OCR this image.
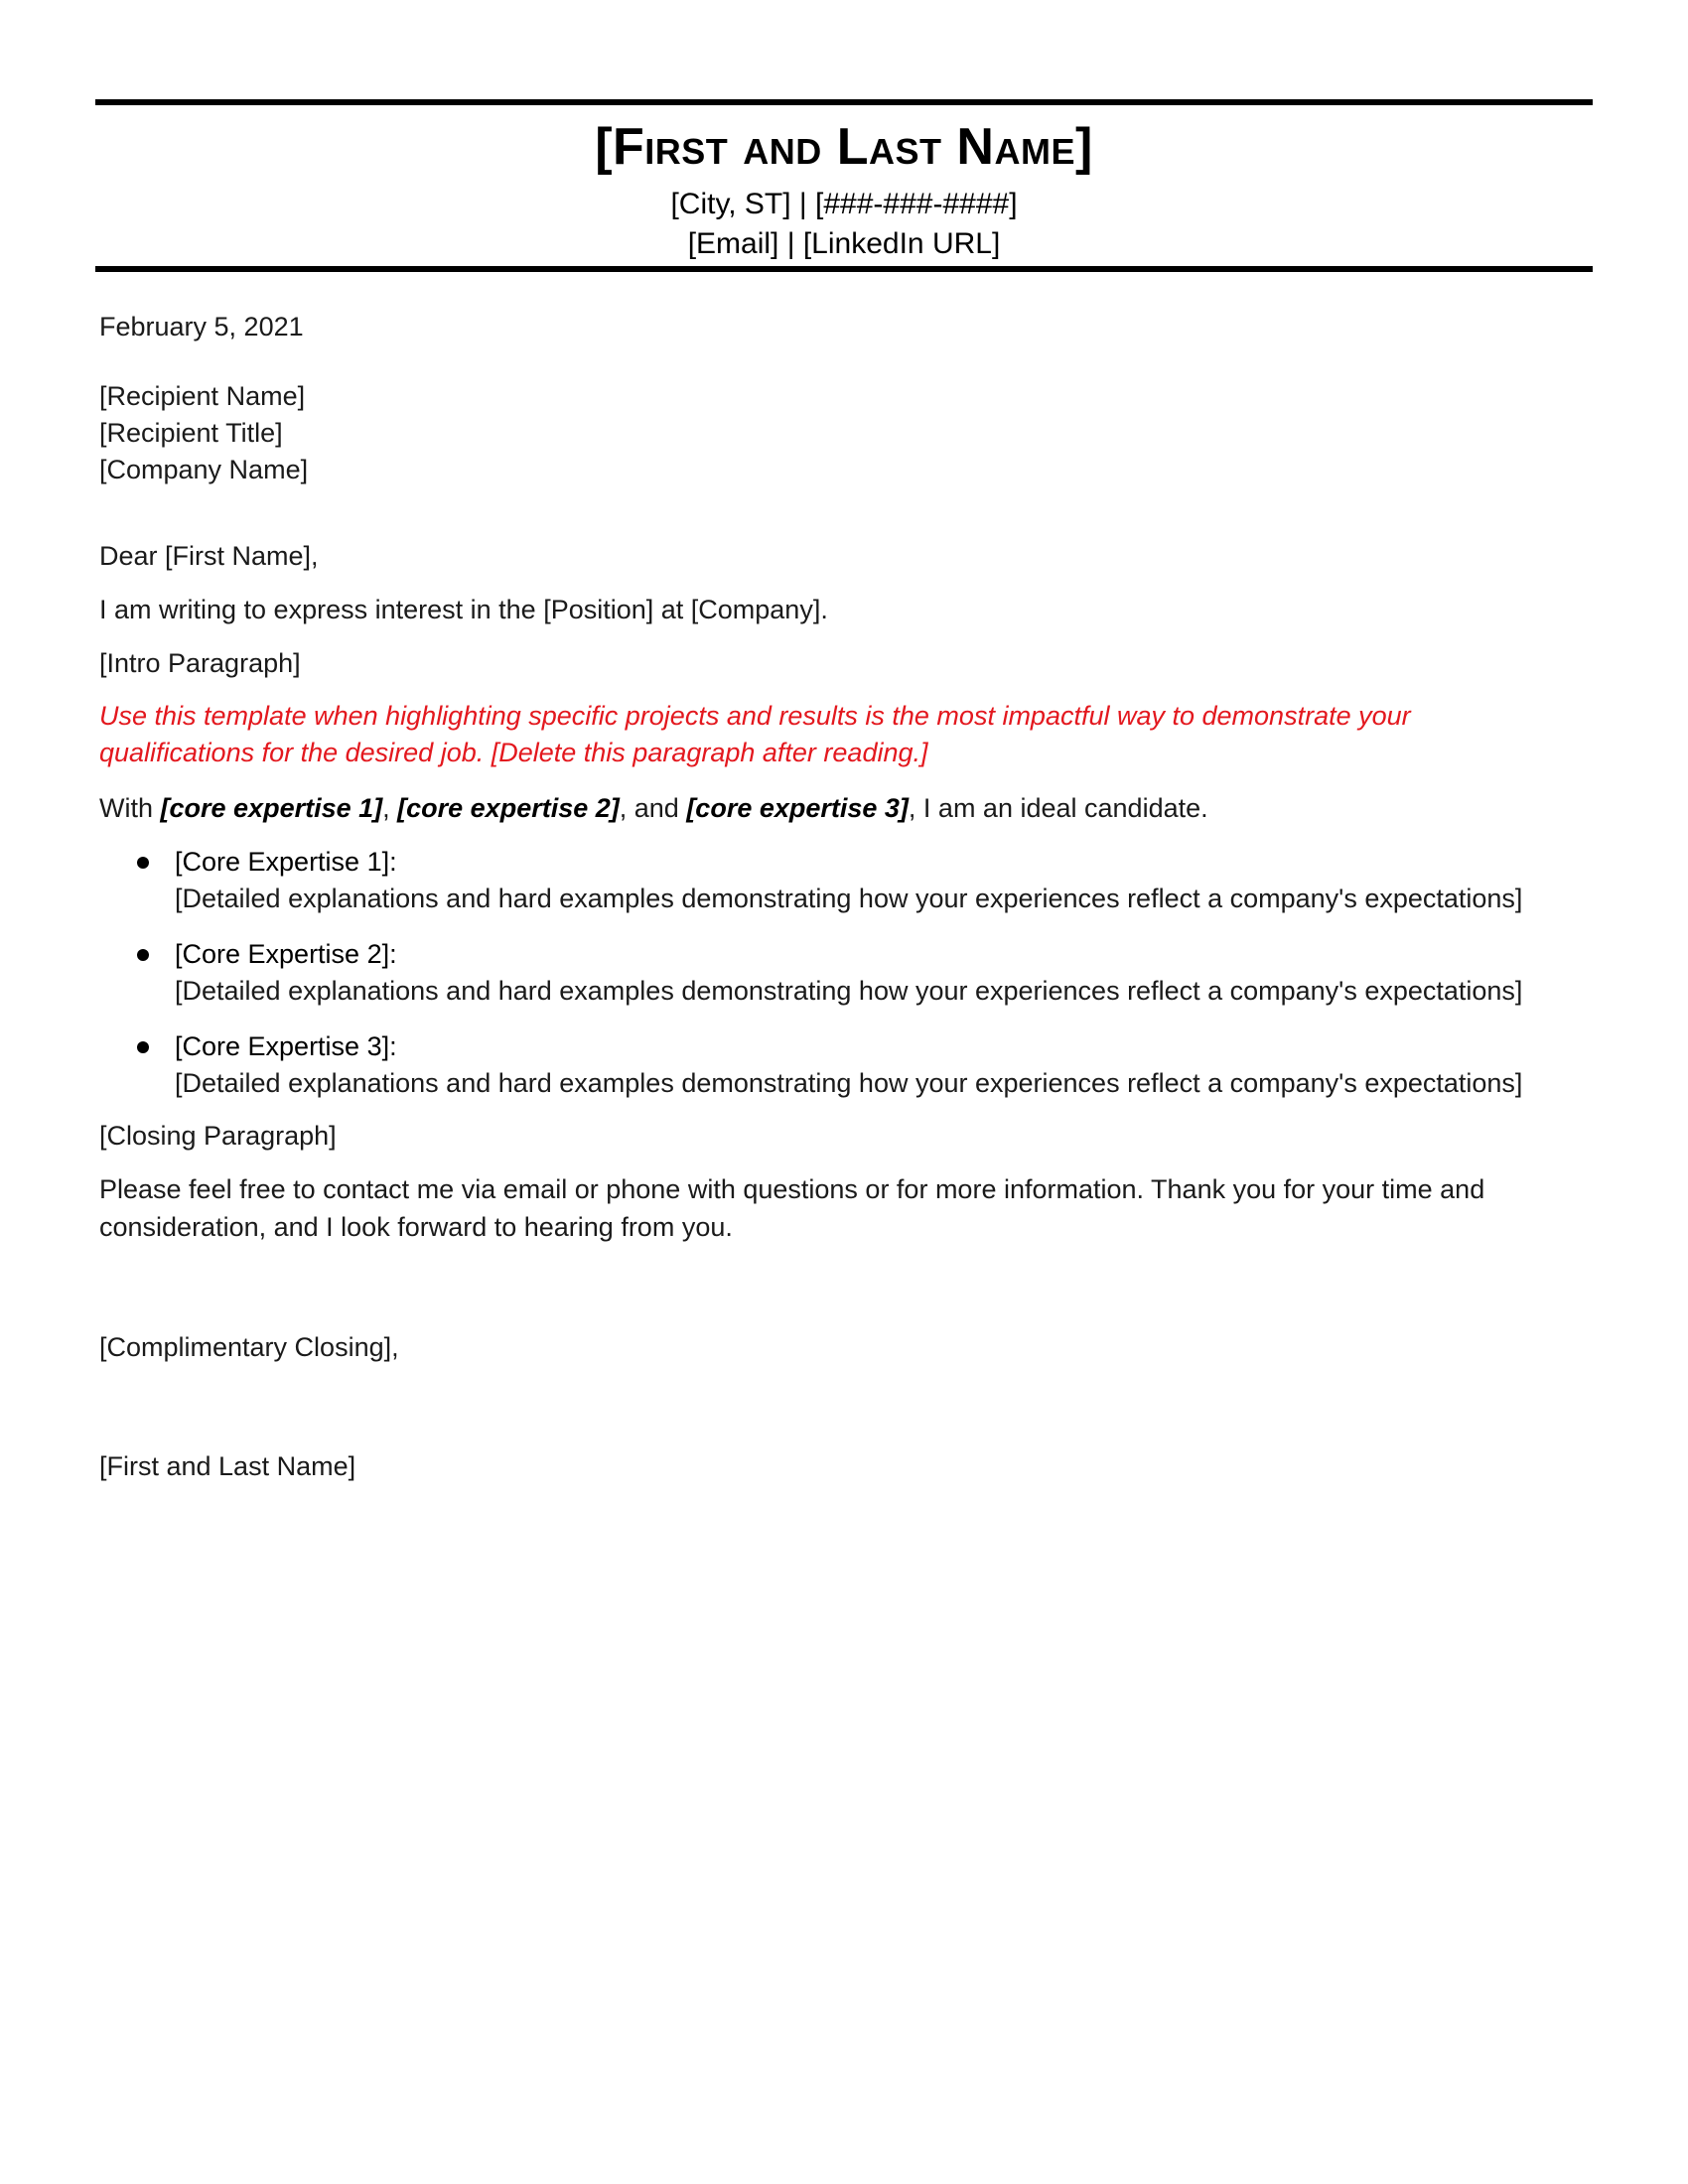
[First and Last Name]
[City, ST] | [###-###-####]
[Email] | [LinkedIn URL]
February 5, 2021
[Recipient Name]
[Recipient Title]
[Company Name]
Dear [First Name],
I am writing to express interest in the [Position] at [Company].
[Intro Paragraph]
Use this template when highlighting specific projects and results is the most impactful way to demonstrate your qualifications for the desired job. [Delete this paragraph after reading.]
With [core expertise 1], [core expertise 2], and [core expertise 3], I am an ideal candidate.
[Core Expertise 1]:
[Detailed explanations and hard examples demonstrating how your experiences reflect a company's expectations]
[Core Expertise 2]:
[Detailed explanations and hard examples demonstrating how your experiences reflect a company's expectations]
[Core Expertise 3]:
[Detailed explanations and hard examples demonstrating how your experiences reflect a company's expectations]
[Closing Paragraph]
Please feel free to contact me via email or phone with questions or for more information. Thank you for your time and consideration, and I look forward to hearing from you.
[Complimentary Closing],
[First and Last Name]
